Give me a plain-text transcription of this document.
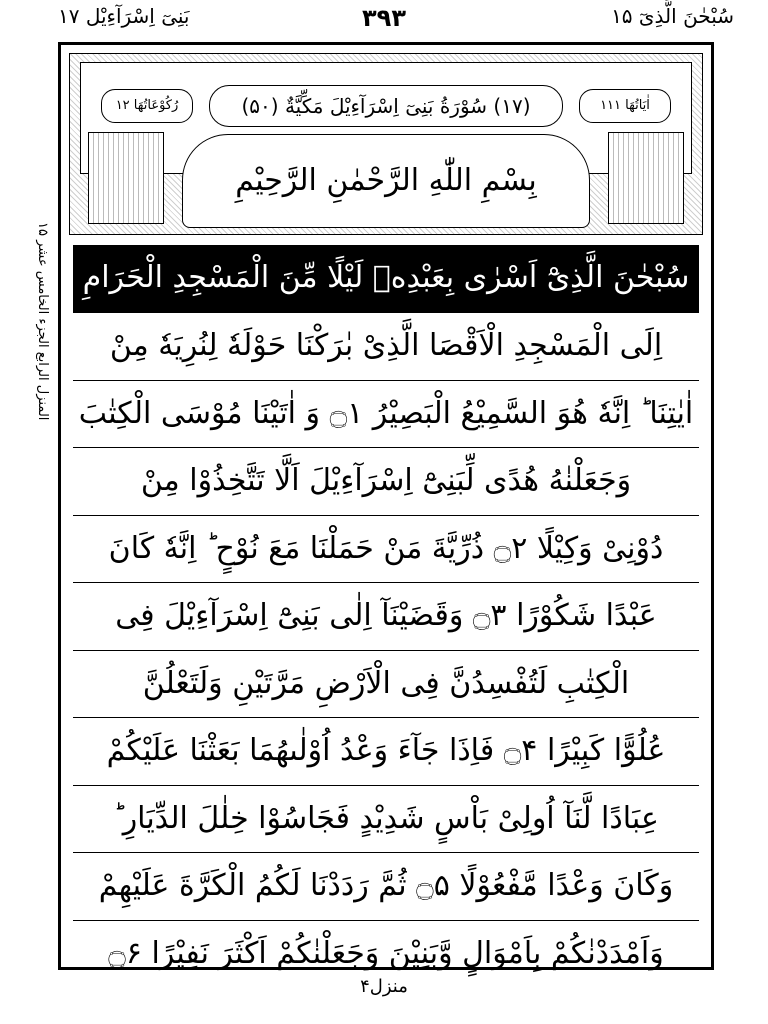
سُبْحٰنَ الَّذِیٓ ۱۵
۳۹۳
بَنِیٓ اِسْرَآءِیْل ۱۷
المنزل الرابع الجزء الخامس عشر ۱۵
اٰیَاتُهَا ۱۱۱
(۱۷) سُوْرَةُ بَنِیٓ اِسْرَآءِیْلَ مَکِّیَّةٌ (۵۰)
رُکُوْعَاتُهَا ۱۲
بِسْمِ اللّٰهِ الرَّحْمٰنِ الرَّحِیْمِ
سُبْحٰنَ الَّذِیْٓ اَسْرٰی بِعَبْدِهٖ لَیْلًا مِّنَ الْمَسْجِدِ الْحَرَامِ
اِلَی الْمَسْجِدِ الْاَقْصَا الَّذِیْ بٰرَكْنَا حَوْلَهٗ لِنُرِیَهٗ مِنْ
اٰیٰتِنَا ؕ اِنَّهٗ هُوَ السَّمِیْعُ الْبَصِیْرُ ۝۱ وَ اٰتَیْنَا مُوْسَی الْكِتٰبَ
وَجَعَلْنٰهُ هُدًی لِّبَنِیْٓ اِسْرَآءِیْلَ اَلَّا تَتَّخِذُوْا مِنْ
دُوْنِیْ وَكِیْلًا ۝۲ ذُرِّیَّةَ مَنْ حَمَلْنَا مَعَ نُوْحٍ ؕ اِنَّهٗ كَانَ
عَبْدًا شَكُوْرًا ۝۳ وَقَضَیْنَآ اِلٰی بَنِیْٓ اِسْرَآءِیْلَ فِی
الْكِتٰبِ لَتُفْسِدُنَّ فِی الْاَرْضِ مَرَّتَیْنِ وَلَتَعْلُنَّ
عُلُوًّا كَبِیْرًا ۝۴ فَاِذَا جَآءَ وَعْدُ اُوْلٰىهُمَا بَعَثْنَا عَلَیْكُمْ
عِبَادًا لَّنَآ اُولِیْ بَاْسٍ شَدِیْدٍ فَجَاسُوْا خِلٰلَ الدِّیَارِ ؕ
وَكَانَ وَعْدًا مَّفْعُوْلًا ۝۵ ثُمَّ رَدَدْنَا لَكُمُ الْكَرَّةَ عَلَیْهِمْ
وَاَمْدَدْنٰكُمْ بِاَمْوَالٍ وَّبَنِیْنَ وَجَعَلْنٰكُمْ اَكْثَرَ نَفِیْرًا ۝۶
منزل۴
